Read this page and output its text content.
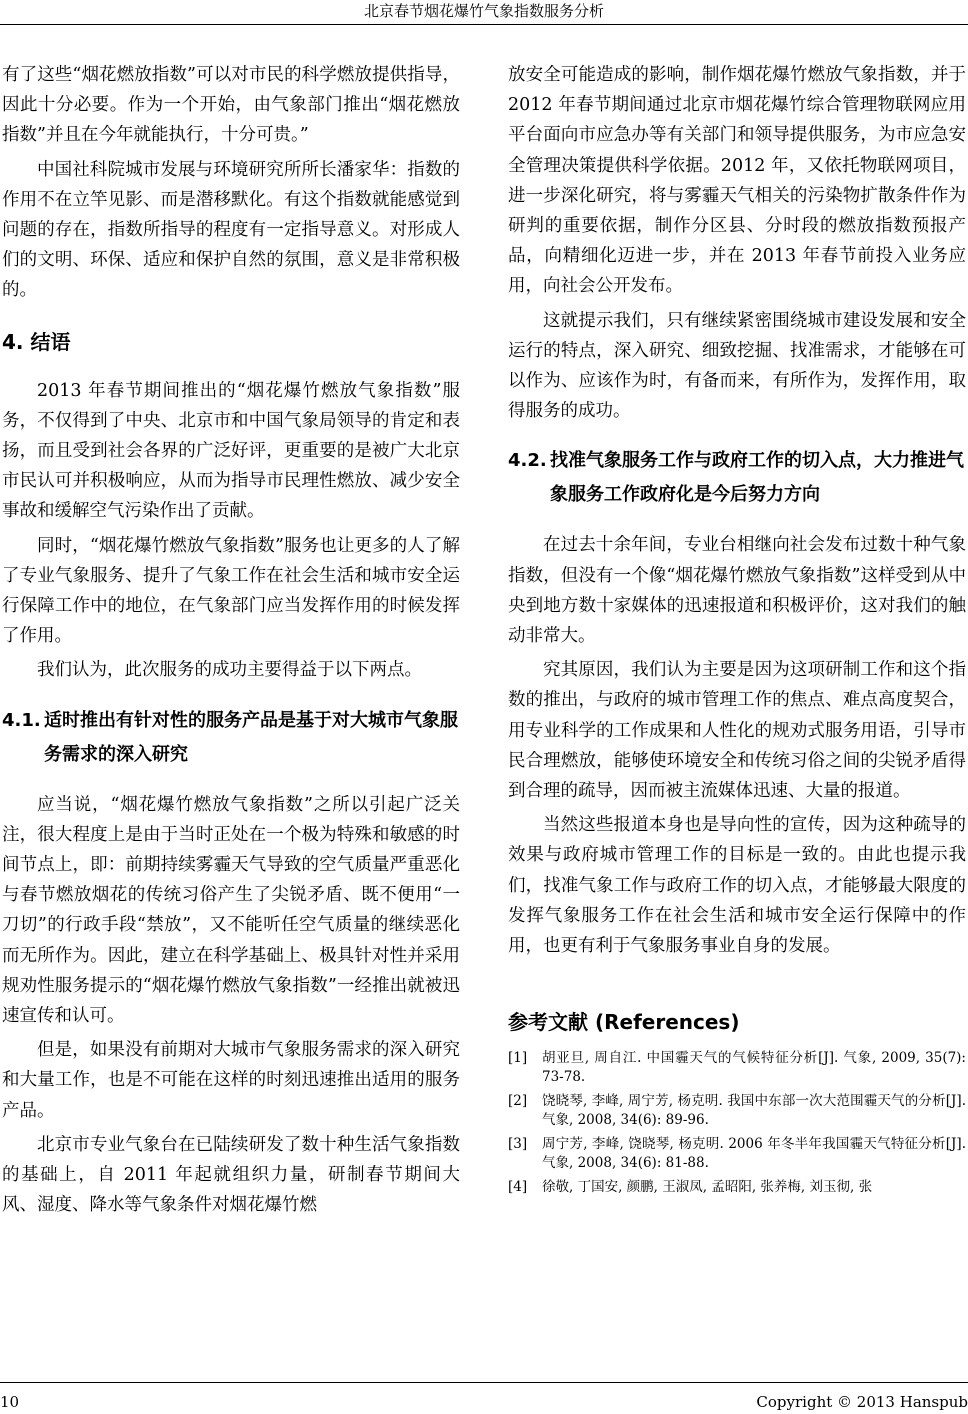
北京春节烟花爆竹气象指数服务分析

有了这些“烟花燃放指数”可以对市民的科学燃放提供指导，因此十分必要。作为一个开始，由气象部门推出“烟花燃放指数”并且在今年就能执行，十分可贵。”

中国社科院城市发展与环境研究所所长潘家华：指数的作用不在立竿见影、而是潜移默化。有这个指数就能感觉到问题的存在，指数所指导的程度有一定指导意义。对形成人们的文明、环保、适应和保护自然的氛围，意义是非常积极的。

4. 结语

2013 年春节期间推出的“烟花爆竹燃放气象指数”服务，不仅得到了中央、北京市和中国气象局领导的肯定和表扬，而且受到社会各界的广泛好评，更重要的是被广大北京市民认可并积极响应，从而为指导市民理性燃放、减少安全事故和缓解空气污染作出了贡献。

同时，“烟花爆竹燃放气象指数”服务也让更多的人了解了专业气象服务、提升了气象工作在社会生活和城市安全运行保障工作中的地位，在气象部门应当发挥作用的时候发挥了作用。

我们认为，此次服务的成功主要得益于以下两点。

4.1. 适时推出有针对性的服务产品是基于对大城市气象服务需求的深入研究

应当说，“烟花爆竹燃放气象指数”之所以引起广泛关注，很大程度上是由于当时正处在一个极为特殊和敏感的时间节点上，即：前期持续雾霾天气导致的空气质量严重恶化与春节燃放烟花的传统习俗产生了尖锐矛盾、既不便用“一刀切”的行政手段“禁放”，又不能听任空气质量的继续恶化而无所作为。因此，建立在科学基础上、极具针对性并采用规劝性服务提示的“烟花爆竹燃放气象指数”一经推出就被迅速宣传和认可。

但是，如果没有前期对大城市气象服务需求的深入研究和大量工作，也是不可能在这样的时刻迅速推出适用的服务产品。

北京市专业气象台在已陆续研发了数十种生活气象指数的基础上，自 2011 年起就组织力量，研制春节期间大风、湿度、降水等气象条件对烟花爆竹燃

放安全可能造成的影响，制作烟花爆竹燃放气象指数，并于 2012 年春节期间通过北京市烟花爆竹综合管理物联网应用平台面向市应急办等有关部门和领导提供服务，为市应急安全管理决策提供科学依据。2012 年，又依托物联网项目，进一步深化研究，将与雾霾天气相关的污染物扩散条件作为研判的重要依据，制作分区县、分时段的燃放指数预报产品，向精细化迈进一步，并在 2013 年春节前投入业务应用，向社会公开发布。

这就提示我们，只有继续紧密围绕城市建设发展和安全运行的特点，深入研究、细致挖掘、找准需求，才能够在可以作为、应该作为时，有备而来，有所作为，发挥作用，取得服务的成功。

4.2. 找准气象服务工作与政府工作的切入点，大力推进气象服务工作政府化是今后努力方向

在过去十余年间，专业台相继向社会发布过数十种气象指数，但没有一个像“烟花爆竹燃放气象指数”这样受到从中央到地方数十家媒体的迅速报道和积极评价，这对我们的触动非常大。

究其原因，我们认为主要是因为这项研制工作和这个指数的推出，与政府的城市管理工作的焦点、难点高度契合，用专业科学的工作成果和人性化的规劝式服务用语，引导市民合理燃放，能够使环境安全和传统习俗之间的尖锐矛盾得到合理的疏导，因而被主流媒体迅速、大量的报道。

当然这些报道本身也是导向性的宣传，因为这种疏导的效果与政府城市管理工作的目标是一致的。由此也提示我们，找准气象工作与政府工作的切入点，才能够最大限度的发挥气象服务工作在社会生活和城市安全运行保障中的作用，也更有利于气象服务事业自身的发展。

参考文献 (References)
[1]	胡亚旦, 周自江. 中国霾天气的气候特征分析[J]. 气象, 2009, 35(7): 73-78.
[2]	饶晓琴, 李峰, 周宁芳, 杨克明. 我国中东部一次大范围霾天气的分析[J]. 气象, 2008, 34(6): 89-96.
[3]	周宁芳, 李峰, 饶晓琴, 杨克明. 2006 年冬半年我国霾天气特征分析[J]. 气象, 2008, 34(6): 81-88.
[4]	徐敬, 丁国安, 颜鹏, 王淑凤, 孟昭阳, 张养梅, 刘玉彻, 张
10	Copyright © 2013 Hanspub
